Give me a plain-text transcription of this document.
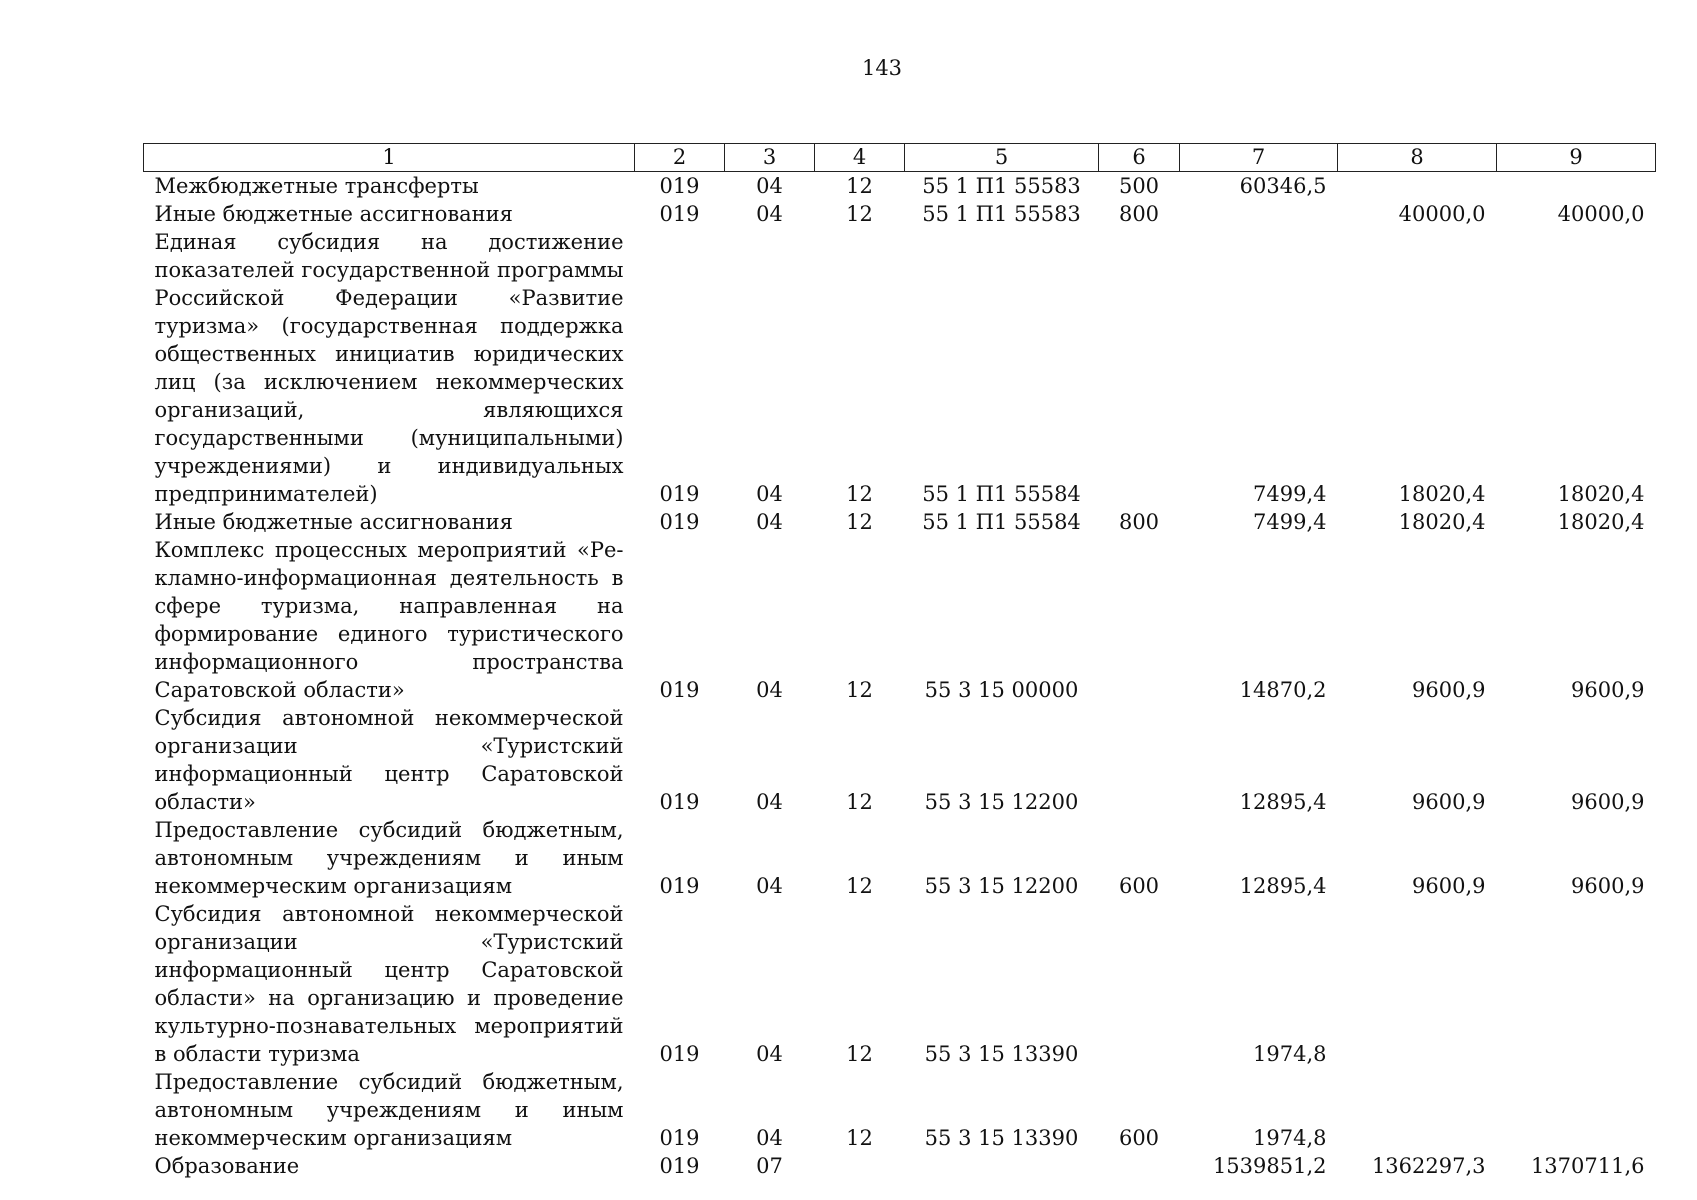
143
1	2	3	4	5	6	7	8	9
Межбюджетные трансферты	019	04	12	55 1 П1 55583	500	60346,5		
Иные бюджетные ассигнования	019	04	12	55 1 П1 55583	800		40000,0	40000,0
Единая субсидия на достижение показателей государственной программы Российской Федерации «Развитие туризма» (государственная поддержка общественных инициатив юридических лиц (за исключением некоммерческих организаций, являющихся государственными (муниципальными) учреждениями) и индивидуальных предпринимателей)	019	04	12	55 1 П1 55584		7499,4	18020,4	18020,4
Иные бюджетные ассигнования	019	04	12	55 1 П1 55584	800	7499,4	18020,4	18020,4
Комплекс процессных мероприятий «Рекламно-информационная деятельность в сфере туризма, направленная на формирование единого туристического информационного пространства Саратовской области»	019	04	12	55 3 15 00000		14870,2	9600,9	9600,9
Субсидия автономной некоммерческой организации «Туристский информационный центр Саратовской области»	019	04	12	55 3 15 12200		12895,4	9600,9	9600,9
Предоставление субсидий бюджетным, автономным учреждениям и иным некоммерческим организациям	019	04	12	55 3 15 12200	600	12895,4	9600,9	9600,9
Субсидия автономной некоммерческой организации «Туристский информационный центр Саратовской области» на организацию и проведение культурно-познавательных мероприятий в области туризма	019	04	12	55 3 15 13390		1974,8		
Предоставление субсидий бюджетным, автономным учреждениям и иным некоммерческим организациям	019	04	12	55 3 15 13390	600	1974,8		
Образование	019	07				1539851,2	1362297,3	1370711,6
